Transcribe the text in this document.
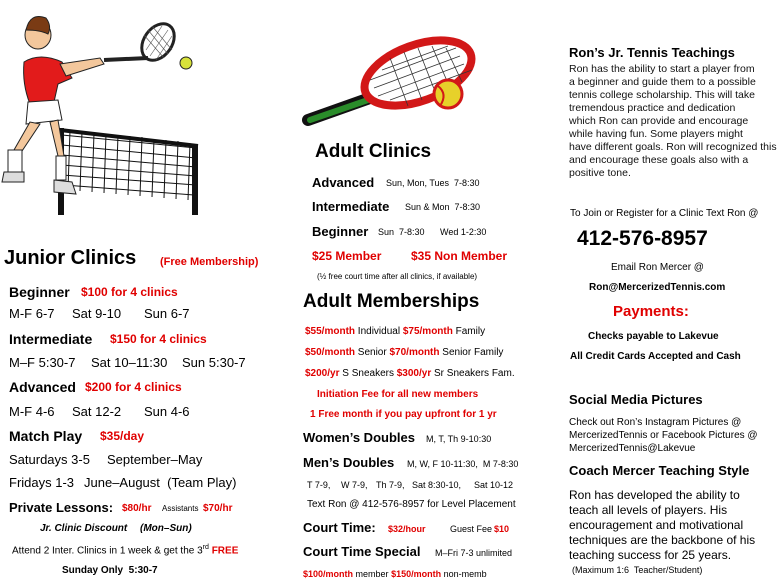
Junior Clinics (Free Membership)
Beginner $100 for 4 clinics
M-F 6-7 Sat 9-10 Sun 6-7
Intermediate $150 for 4 clinics
M–F 5:30-7 Sat 10–11:30 Sun 5:30-7
Advanced $200 for 4 clinics
M-F 4-6 Sat 12-2 Sun 4-6
Match Play $35/day
Saturdays 3-5 September–May
Fridays 1-3 June–August  (Team Play)
Private Lessons: $80/hr Assistants $70/hr
Jr. Clinic Discount (Mon–Sun)
Attend 2 Inter. Clinics in 1 week & get the 3rd FREE
Sunday Only  5:30-7
Adult Clinics
Advanced Sun, Mon, Tues  7-8:30
Intermediate Sun & Mon  7-8:30
Beginner Sun  7-8:30 Wed 1-2:30
$25 Member $35 Non Member
(½ free court time after all clinics, if available)
Adult Memberships
$55/month Individual $75/month Family
$50/month Senior $70/month Senior Family
$200/yr S Sneakers $300/yr Sr Sneakers Fam.
Initiation Fee for all new members
1 Free month if you pay upfront for 1 yr
Women’s Doubles M, T, Th 9-10:30
Men’s Doubles M, W, F 10-11:30,  M 7-8:30
T 7-9, W 7-9, Th 7-9, Sat 8:30-10, Sat 10-12
Text Ron @ 412-576-8957 for Level Placement
Court Time: $32/hour	Guest Fee $10
Court Time Special M–Fri 7-3 unlimited
$100/month member $150/month non-memb
Ron’s Jr. Tennis Teachings
Ron has the ability to start a player from
a beginner and guide them to a possible
tennis college scholarship. This will take
tremendous practice and dedication
which Ron can provide and encourage
while having fun. Some players might
have different goals. Ron will recognized this
and encourage these goals also with a
positive tone.
To Join or Register for a Clinic Text Ron @
412-576-8957
Email Ron Mercer @
Ron@MercerizedTennis.com
Payments:
Checks payable to Lakevue
All Credit Cards Accepted and Cash
Social Media Pictures
Check out Ron’s Instagram Pictures @
MercerizedTennis or Facebook Pictures @
MercerizedTennis@Lakevue
Coach Mercer Teaching Style
Ron has developed the ability to
teach all levels of players. His
encouragement and motivational
techniques are the backbone of his
teaching success for 25 years.
(Maximum 1:6  Teacher/Student)
